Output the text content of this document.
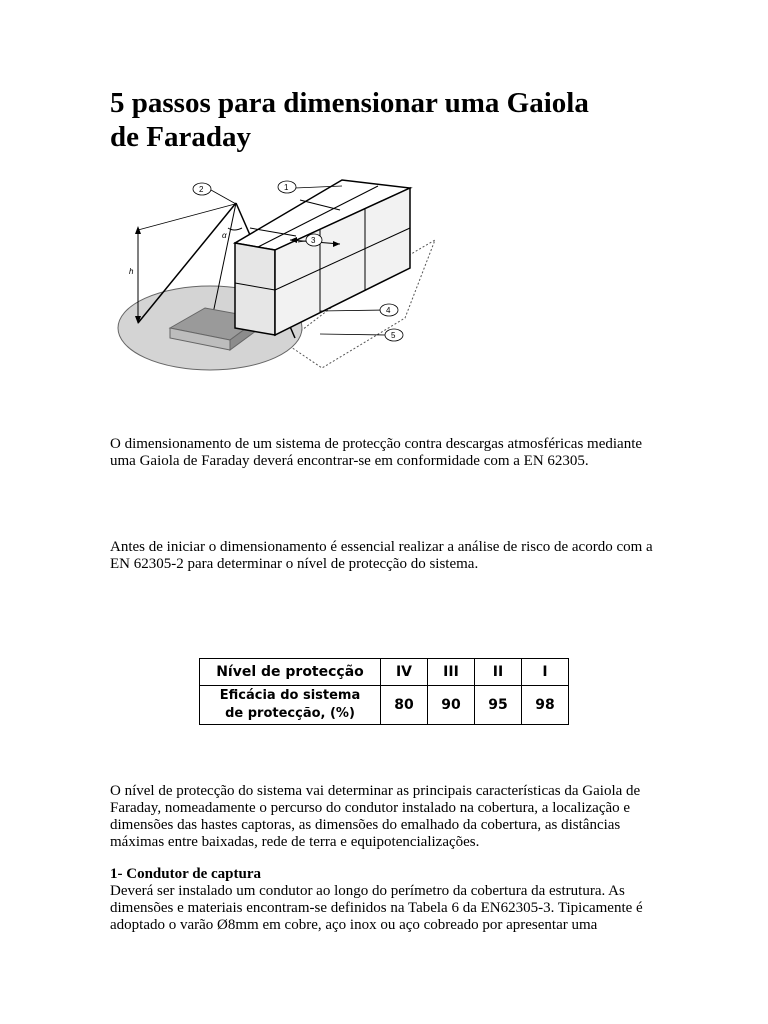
5 passos para dimensionar uma Gaiola
de Faraday
α
h
1
2
3
4
5

O dimensionamento de um sistema de protecção contra descargas atmosféricas mediante uma Gaiola de Faraday deverá encontrar-se em conformidade com a EN 62305.

Antes de iniciar o dimensionamento é essencial realizar a análise de risco de acordo com a EN 62305-2 para determinar o nível de protecção do sistema.

Nível de protecção	IV	III	II	I
Eficácia do sistema
de protecção, (%)	80	90	95	98

O nível de protecção do sistema vai determinar as principais características da Gaiola de Faraday, nomeadamente o percurso do condutor instalado na cobertura, a localização e dimensões das hastes captoras, as dimensões do emalhado da cobertura, as distâncias máximas entre baixadas, rede de terra e equipotencializações.

1- Condutor de captura

Deverá ser instalado um condutor ao longo do perímetro da cobertura da estrutura. As dimensões e materiais encontram-se definidos na Tabela 6 da EN62305-3. Tipicamente é adoptado o varão Ø8mm em cobre, aço inox ou aço cobreado por apresentar uma
